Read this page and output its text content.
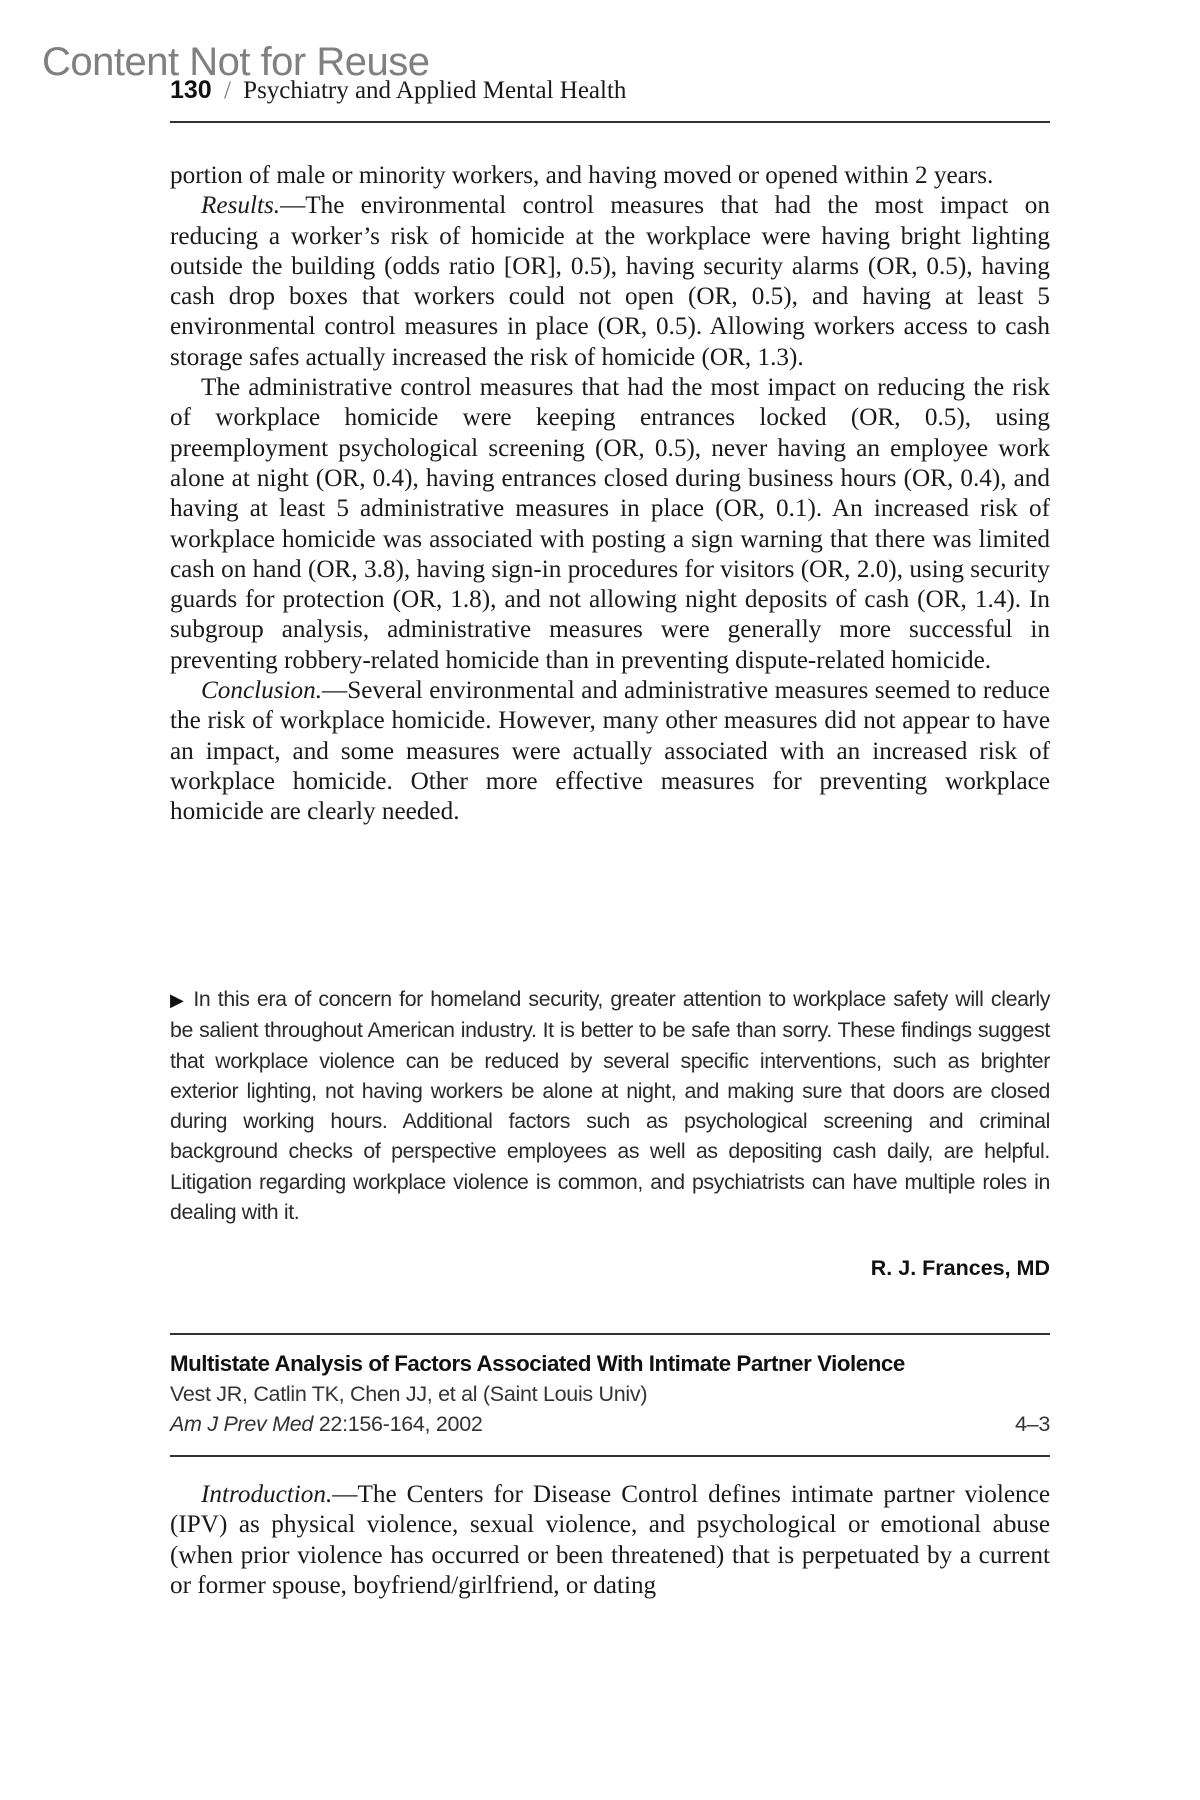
Content Not for Reuse
130 / Psychiatry and Applied Mental Health

portion of male or minority workers, and having moved or opened within 2 years.

Results.—The environmental control measures that had the most impact on reducing a worker’s risk of homicide at the workplace were having bright lighting outside the building (odds ratio [OR], 0.5), having security alarms (OR, 0.5), having cash drop boxes that workers could not open (OR, 0.5), and having at least 5 environmental control measures in place (OR, 0.5). Allowing workers access to cash storage safes actually increased the risk of homicide (OR, 1.3).

The administrative control measures that had the most impact on reducing the risk of workplace homicide were keeping entrances locked (OR, 0.5), using preemployment psychological screening (OR, 0.5), never having an employee work alone at night (OR, 0.4), having entrances closed during business hours (OR, 0.4), and having at least 5 administrative measures in place (OR, 0.1). An increased risk of workplace homicide was associated with posting a sign warning that there was limited cash on hand (OR, 3.8), having sign-in procedures for visitors (OR, 2.0), using security guards for protection (OR, 1.8), and not allowing night deposits of cash (OR, 1.4). In subgroup analysis, administrative measures were generally more successful in preventing robbery-related homicide than in preventing dispute-related homicide.

Conclusion.—Several environmental and administrative measures seemed to reduce the risk of workplace homicide. However, many other measures did not appear to have an impact, and some measures were actually associated with an increased risk of workplace homicide. Other more effective measures for preventing workplace homicide are clearly needed.

▶ In this era of concern for homeland security, greater attention to workplace safety will clearly be salient throughout American industry. It is better to be safe than sorry. These findings suggest that workplace violence can be reduced by several specific interventions, such as brighter exterior lighting, not having workers be alone at night, and making sure that doors are closed during working hours. Additional factors such as psychological screening and criminal background checks of perspective employees as well as depositing cash daily, are helpful. Litigation regarding workplace violence is common, and psychiatrists can have multiple roles in dealing with it.
R. J. Frances, MD
Multistate Analysis of Factors Associated With Intimate Partner Violence
Vest JR, Catlin TK, Chen JJ, et al (Saint Louis Univ)
Am J Prev Med 22:156-164, 2002	4–3

Introduction.—The Centers for Disease Control defines intimate partner violence (IPV) as physical violence, sexual violence, and psychological or emotional abuse (when prior violence has occurred or been threatened) that is perpetuated by a current or former spouse, boyfriend/girlfriend, or dating
